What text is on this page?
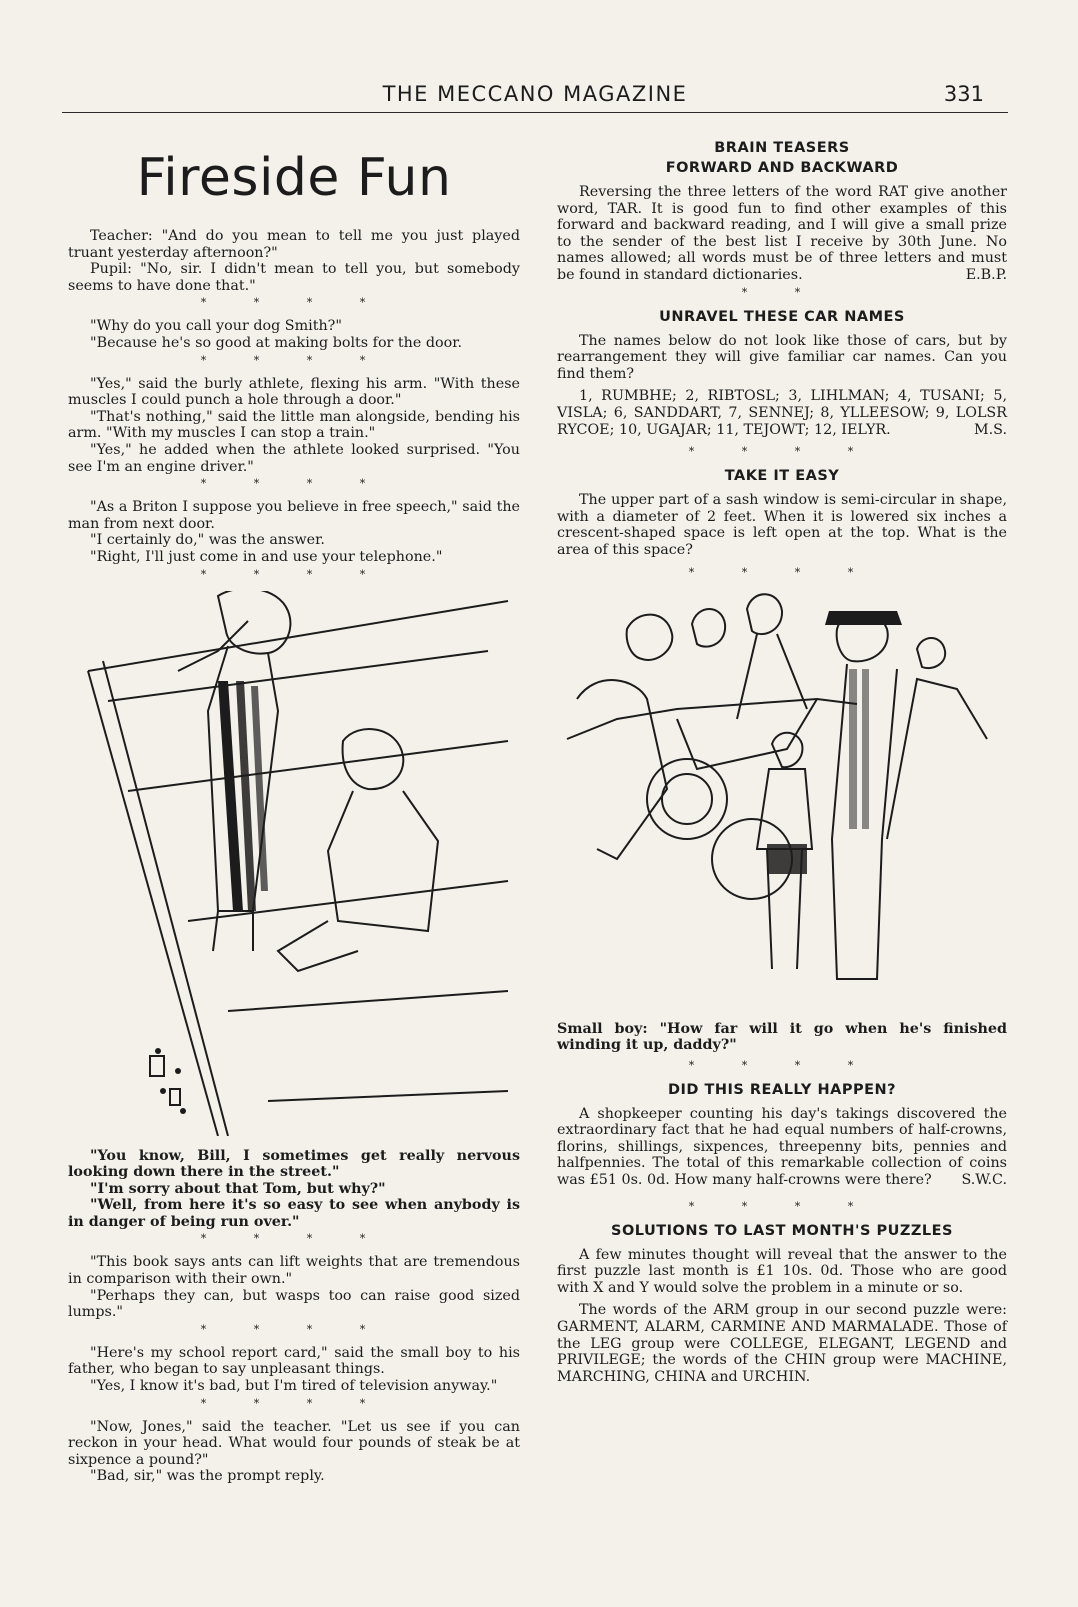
THE MECCANO MAGAZINE	331
Fireside Fun

Teacher: "And do you mean to tell me you just played truant yesterday afternoon?"

Pupil: "No, sir. I didn't mean to tell you, but somebody seems to have done that."

* * * *

"Why do you call your dog Smith?"

"Because he's so good at making bolts for the door.

* * * *

"Yes," said the burly athlete, flexing his arm. "With these muscles I could punch a hole through a door."

"That's nothing," said the little man alongside, bending his arm. "With my muscles I can stop a train."

"Yes," he added when the athlete looked surprised. "You see I'm an engine driver."

* * * *

"As a Briton I suppose you believe in free speech," said the man from next door.

"I certainly do," was the answer.

"Right, I'll just come in and use your telephone."

* * * *

"You know, Bill, I sometimes get really nervous looking down there in the street."

"I'm sorry about that Tom, but why?"

"Well, from here it's so easy to see when anybody is in danger of being run over."

* * * *

"This book says ants can lift weights that are tremendous in comparison with their own."

"Perhaps they can, but wasps too can raise good sized lumps."

* * * *

"Here's my school report card," said the small boy to his father, who began to say unpleasant things.

"Yes, I know it's bad, but I'm tired of television anyway."

* * * *

"Now, Jones," said the teacher. "Let us see if you can reckon in your head. What would four pounds of steak be at sixpence a pound?"

"Bad, sir," was the prompt reply.

BRAIN TEASERS
FORWARD AND BACKWARD

Reversing the three letters of the word RAT give another word, TAR. It is good fun to find other examples of this forward and backward reading, and I will give a small prize to the sender of the best list I receive by 30th June. No names allowed; all words must be of three letters and must be found in standard dictionaries.	E.B.P.

* *
UNRAVEL THESE CAR NAMES

The names below do not look like those of cars, but by rearrangement they will give familiar car names. Can you find them?

1, RUMBHE; 2, RIBTOSL; 3, LIHLMAN; 4, TUSANI; 5, VISLA; 6, SANDDART, 7, SENNEJ; 8, YLLEESOW; 9, LOLSR RYCOE; 10, UGAJAR; 11, TEJOWT; 12, IELYR.	M.S.

* * * *
TAKE IT EASY

The upper part of a sash window is semi-circular in shape, with a diameter of 2 feet. When it is lowered six inches a crescent-shaped space is left open at the top. What is the area of this space?

* * * *

Small boy: "How far will it go when he's finished winding it up, daddy?"

* * * *
DID THIS REALLY HAPPEN?

A shopkeeper counting his day's takings discovered the extraordinary fact that he had equal numbers of half-crowns, florins, shillings, sixpences, threepenny bits, pennies and halfpennies. The total of this remarkable collection of coins was £51 0s. 0d. How many half-crowns were there?	S.W.C.

* * * *
SOLUTIONS TO LAST MONTH'S PUZZLES

A few minutes thought will reveal that the answer to the first puzzle last month is £1 10s. 0d. Those who are good with X and Y would solve the problem in a minute or so.

The words of the ARM group in our second puzzle were: GARMENT, ALARM, CARMINE AND MARMALADE. Those of the LEG group were COLLEGE, ELEGANT, LEGEND and PRIVILEGE; the words of the CHIN group were MACHINE, MARCHING, CHINA and URCHIN.
